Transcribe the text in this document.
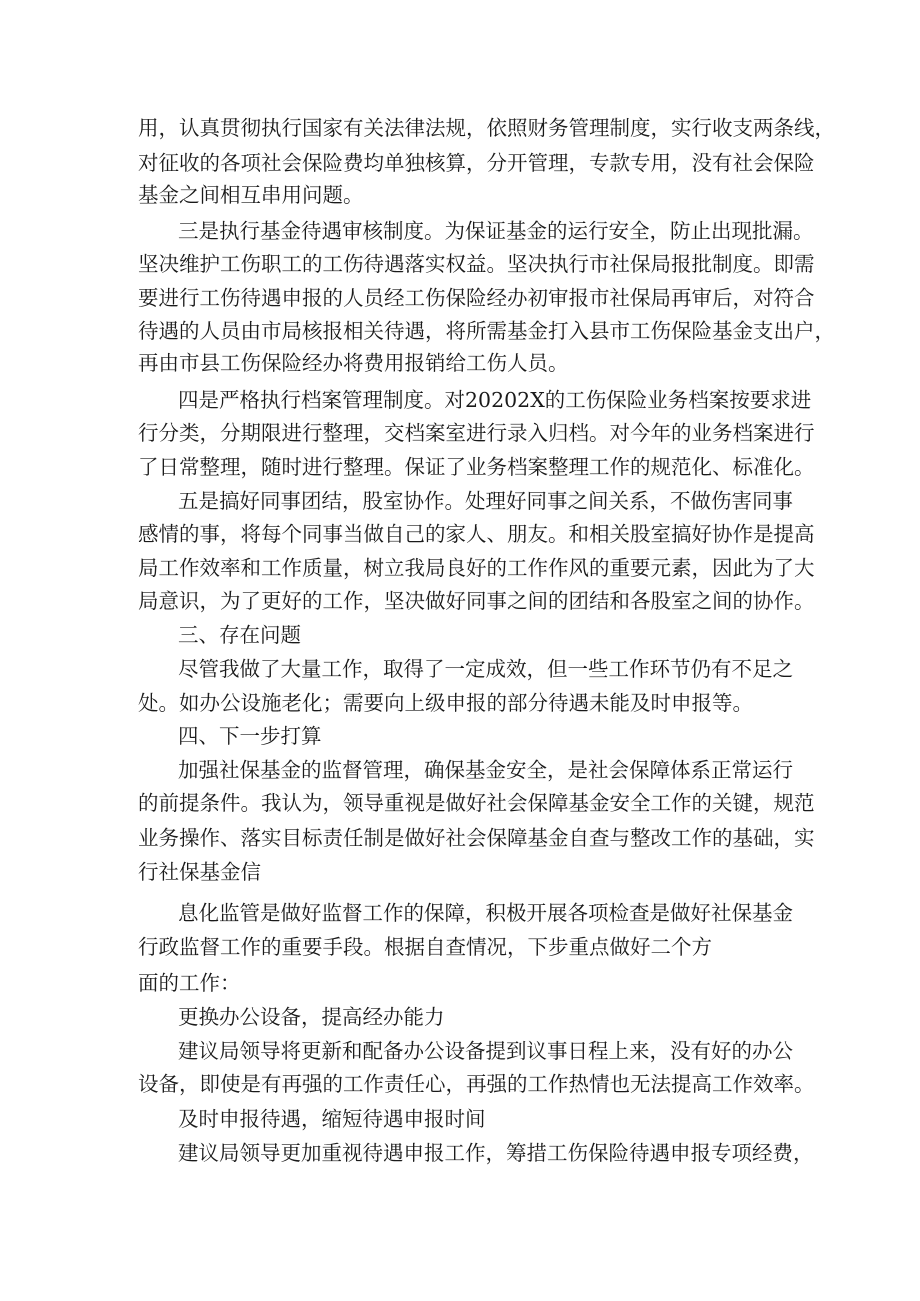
用，认真贯彻执行国家有关法律法规，依照财务管理制度，实行收支两条线，

对征收的各项社会保险费均单独核算，分开管理，专款专用，没有社会保险

基金之间相互串用问题。

三是执行基金待遇审核制度。为保证基金的运行安全，防止出现批漏。

坚决维护工伤职工的工伤待遇落实权益。坚决执行市社保局报批制度。即需

要进行工伤待遇申报的人员经工伤保险经办初审报市社保局再审后，对符合

待遇的人员由市局核报相关待遇，将所需基金打入县市工伤保险基金支出户，

再由市县工伤保险经办将费用报销给工伤人员。

四是严格执行档案管理制度。对20202X的工伤保险业务档案按要求进

行分类，分期限进行整理，交档案室进行录入归档。对今年的业务档案进行

了日常整理，随时进行整理。保证了业务档案整理工作的规范化、标准化。

五是搞好同事团结，股室协作。处理好同事之间关系，不做伤害同事

感情的事，将每个同事当做自己的家人、朋友。和相关股室搞好协作是提高

局工作效率和工作质量，树立我局良好的工作作风的重要元素，因此为了大

局意识，为了更好的工作，坚决做好同事之间的团结和各股室之间的协作。

三、存在问题

尽管我做了大量工作，取得了一定成效，但一些工作环节仍有不足之

处。如办公设施老化；需要向上级申报的部分待遇未能及时申报等。

四、下一步打算

加强社保基金的监督管理，确保基金安全，是社会保障体系正常运行

的前提条件。我认为，领导重视是做好社会保障基金安全工作的关键，规范

业务操作、落实目标责任制是做好社会保障基金自查与整改工作的基础，实

行社保基金信

息化监管是做好监督工作的保障，积极开展各项检查是做好社保基金

行政监督工作的重要手段。根据自查情况，下步重点做好二个方

面的工作：

更换办公设备，提高经办能力

建议局领导将更新和配备办公设备提到议事日程上来，没有好的办公

设备，即使是有再强的工作责任心，再强的工作热情也无法提高工作效率。

及时申报待遇，缩短待遇申报时间

建议局领导更加重视待遇申报工作，筹措工伤保险待遇申报专项经费，
